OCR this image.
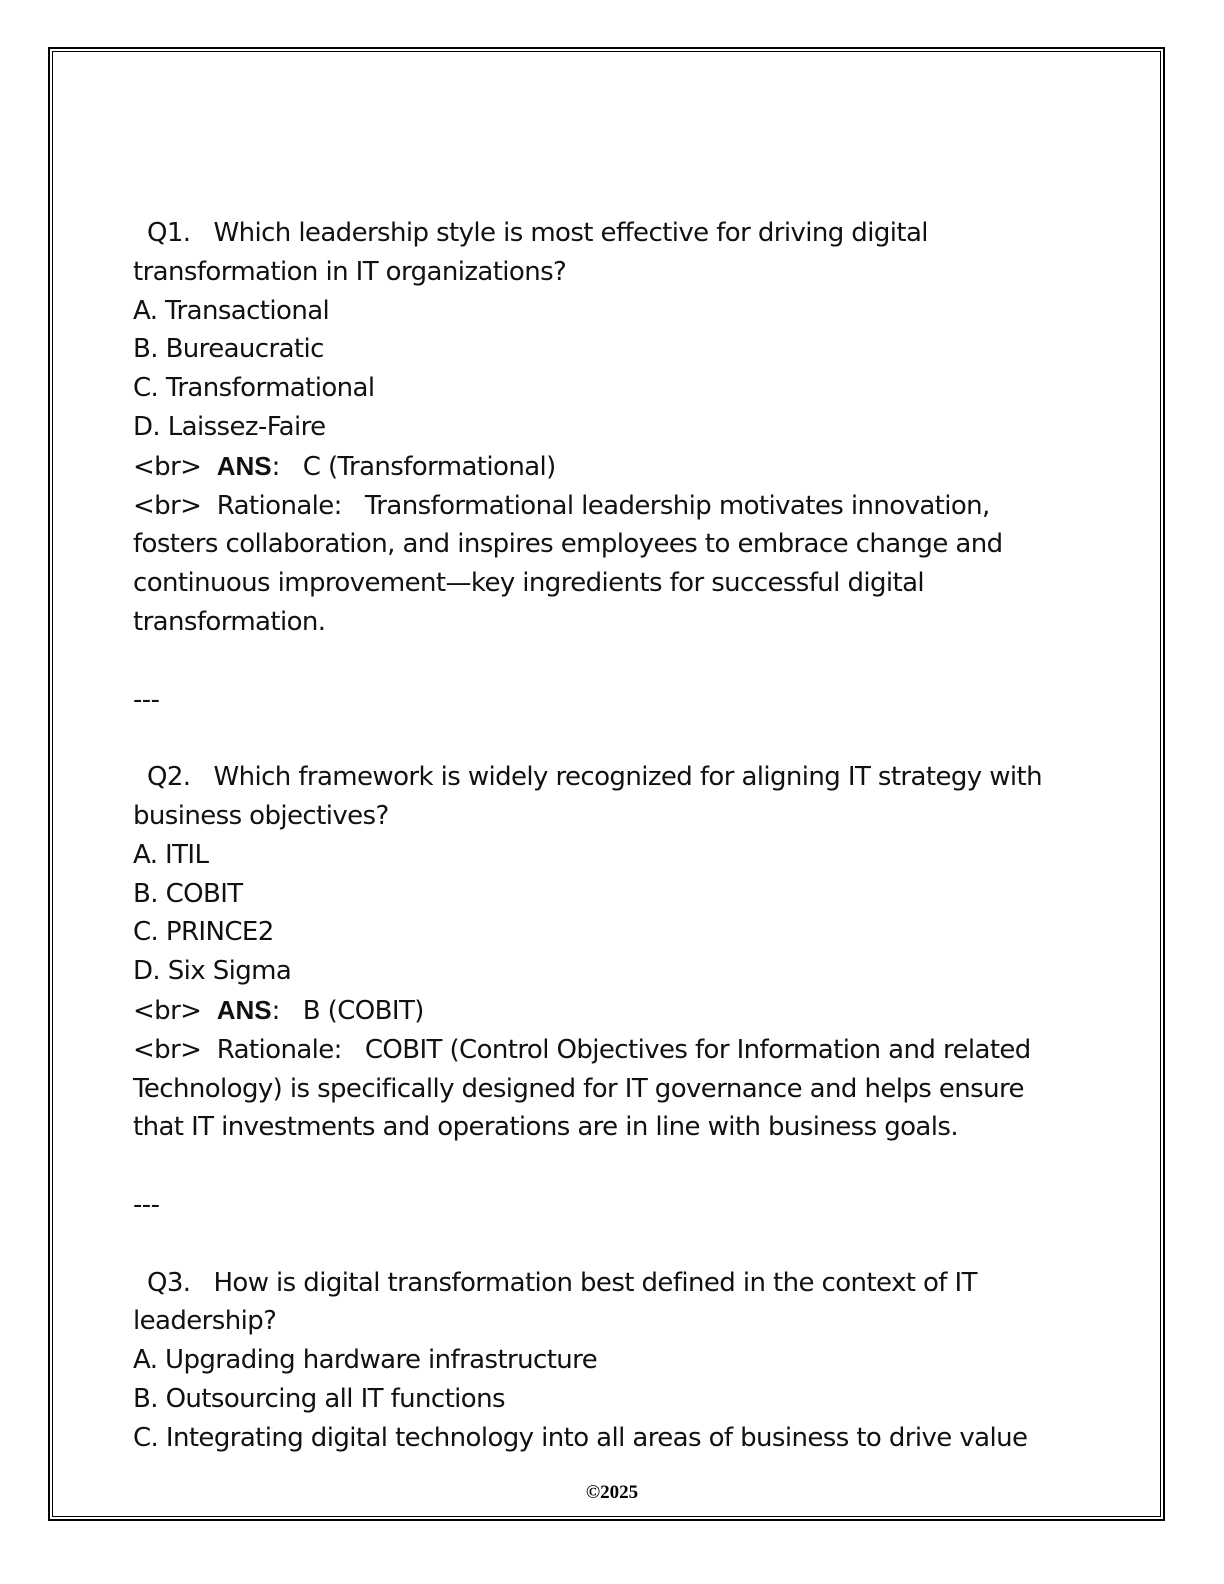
Q1.   Which leadership style is most effective for driving digital
transformation in IT organizations?
A. Transactional
B. Bureaucratic
C. Transformational
D. Laissez-Faire
<br> ANS:   C (Transformational)
<br>  Rationale:   Transformational leadership motivates innovation,
fosters collaboration, and inspires employees to embrace change and
continuous improvement—key ingredients for successful digital
transformation.
---
Q2.   Which framework is widely recognized for aligning IT strategy with
business objectives?
A. ITIL
B. COBIT
C. PRINCE2
D. Six Sigma
<br> ANS:   B (COBIT)
<br>  Rationale:   COBIT (Control Objectives for Information and related
Technology) is specifically designed for IT governance and helps ensure
that IT investments and operations are in line with business goals.
---
Q3.   How is digital transformation best defined in the context of IT
leadership?
A. Upgrading hardware infrastructure
B. Outsourcing all IT functions
C. Integrating digital technology into all areas of business to drive value
©2025
